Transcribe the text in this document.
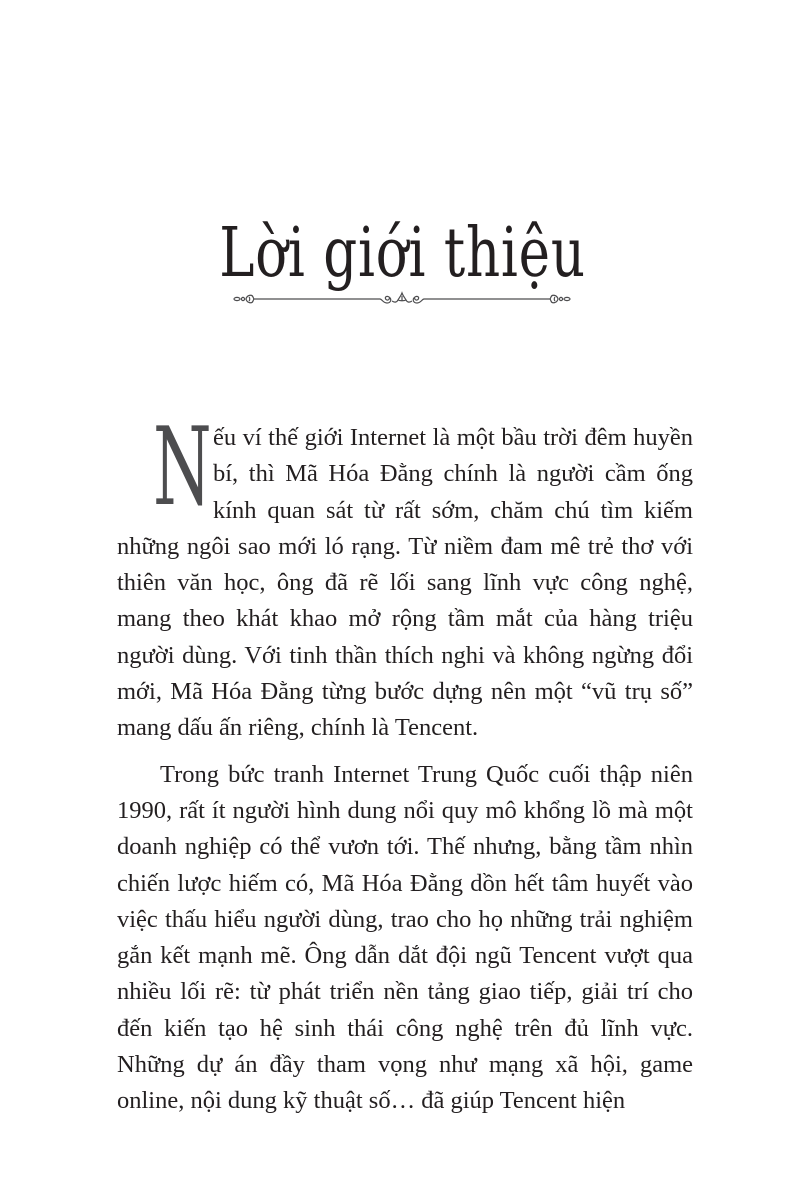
Lời giới thiệu

Nếu ví thế giới Internet là một bầu trời đêm huyền bí, thì Mã Hóa Đằng chính là người cầm ống kính quan sát từ rất sớm, chăm chú tìm kiếm những ngôi sao mới ló rạng. Từ niềm đam mê trẻ thơ với thiên văn học, ông đã rẽ lối sang lĩnh vực công nghệ, mang theo khát khao mở rộng tầm mắt của hàng triệu người dùng. Với tinh thần thích nghi và không ngừng đổi mới, Mã Hóa Đằng từng bước dựng nên một “vũ trụ số” mang dấu ấn riêng, chính là Tencent.

Trong bức tranh Internet Trung Quốc cuối thập niên 1990, rất ít người hình dung nổi quy mô khổng lồ mà một doanh nghiệp có thể vươn tới. Thế nhưng, bằng tầm nhìn chiến lược hiếm có, Mã Hóa Đằng dồn hết tâm huyết vào việc thấu hiểu người dùng, trao cho họ những trải nghiệm gắn kết mạnh mẽ. Ông dẫn dắt đội ngũ Tencent vượt qua nhiều lối rẽ: từ phát triển nền tảng giao tiếp, giải trí cho đến kiến tạo hệ sinh thái công nghệ trên đủ lĩnh vực. Những dự án đầy tham vọng như mạng xã hội, game online, nội dung kỹ thuật số… đã giúp Tencent hiện
